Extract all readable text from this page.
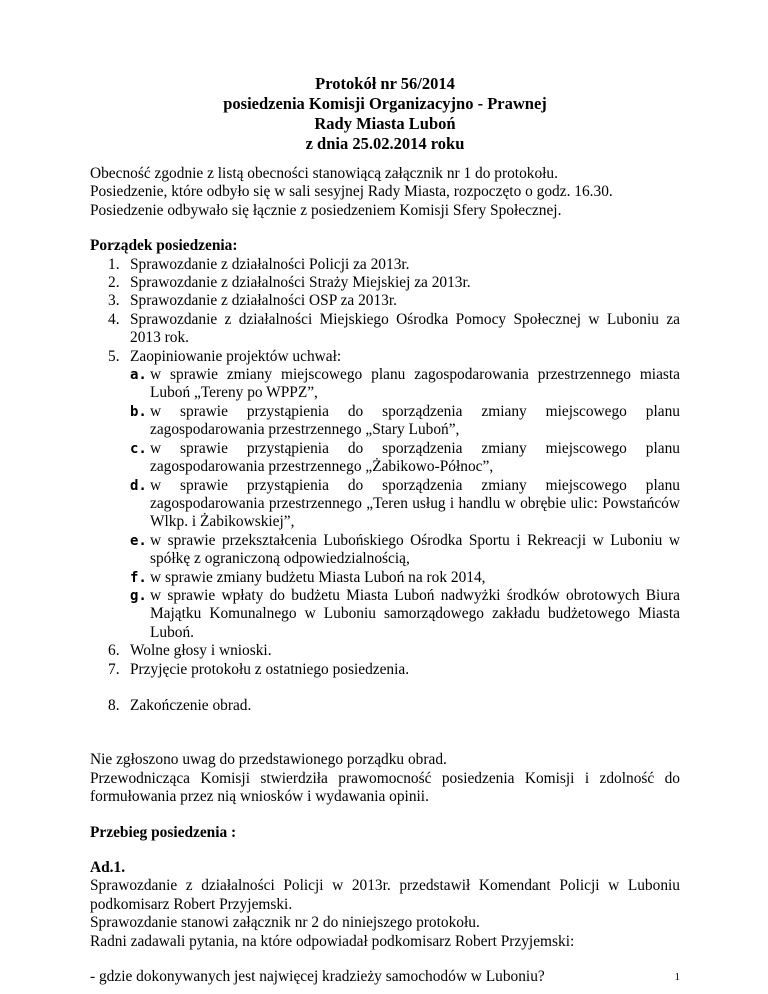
Protokół nr 56/2014

posiedzenia Komisji Organizacyjno - Prawnej

Rady Miasta Luboń

z dnia 25.02.2014 roku

Obecność zgodnie z listą obecności stanowiącą załącznik nr 1 do protokołu.

Posiedzenie, które odbyło się w sali sesyjnej Rady Miasta, rozpoczęto o godz. 16.30.

Posiedzenie odbywało się łącznie z posiedzeniem Komisji Sfery Społecznej.

Porządek posiedzenia:

1. Sprawozdanie z działalności Policji za 2013r.
2. Sprawozdanie z działalności Straży Miejskiej za 2013r.
3. Sprawozdanie z działalności OSP za 2013r.
4. Sprawozdanie z działalności Miejskiego Ośrodka Pomocy Społecznej w Luboniu za 2013 rok.
5. Zaopiniowanie projektów uchwał:
a. w sprawie zmiany miejscowego planu zagospodarowania przestrzennego miasta Luboń „Tereny po WPPZ”,
b. w sprawie przystąpienia do sporządzenia zmiany miejscowego planu zagospodarowania przestrzennego „Stary Luboń”,
c. w sprawie przystąpienia do sporządzenia zmiany miejscowego planu zagospodarowania przestrzennego „Żabikowo-Północ”,
d. w sprawie przystąpienia do sporządzenia zmiany miejscowego planu zagospodarowania przestrzennego „Teren usług i handlu w obrębie ulic: Powstańców Wlkp. i Żabikowskiej”,
e. w sprawie przekształcenia Lubońskiego Ośrodka Sportu i Rekreacji w Luboniu w spółkę z ograniczoną odpowiedzialnością,
f. w sprawie zmiany budżetu Miasta Luboń na rok 2014,
g. w sprawie wpłaty do budżetu Miasta Luboń nadwyżki środków obrotowych Biura Majątku Komunalnego w Luboniu samorządowego zakładu budżetowego Miasta Luboń.
6. Wolne głosy i wnioski.
7. Przyjęcie protokołu z ostatniego posiedzenia.
8. Zakończenie obrad.

Nie zgłoszono uwag do przedstawionego porządku obrad.

Przewodnicząca Komisji stwierdziła prawomocność posiedzenia Komisji i zdolność do formułowania przez nią wniosków i wydawania opinii.

Przebieg posiedzenia :

Ad.1.

Sprawozdanie z działalności Policji w 2013r. przedstawił Komendant Policji w Luboniu podkomisarz Robert Przyjemski.

Sprawozdanie stanowi załącznik nr 2 do niniejszego protokołu.

Radni zadawali pytania, na które odpowiadał podkomisarz Robert Przyjemski:

- gdzie dokonywanych jest najwięcej kradzieży samochodów w Luboniu?	1
